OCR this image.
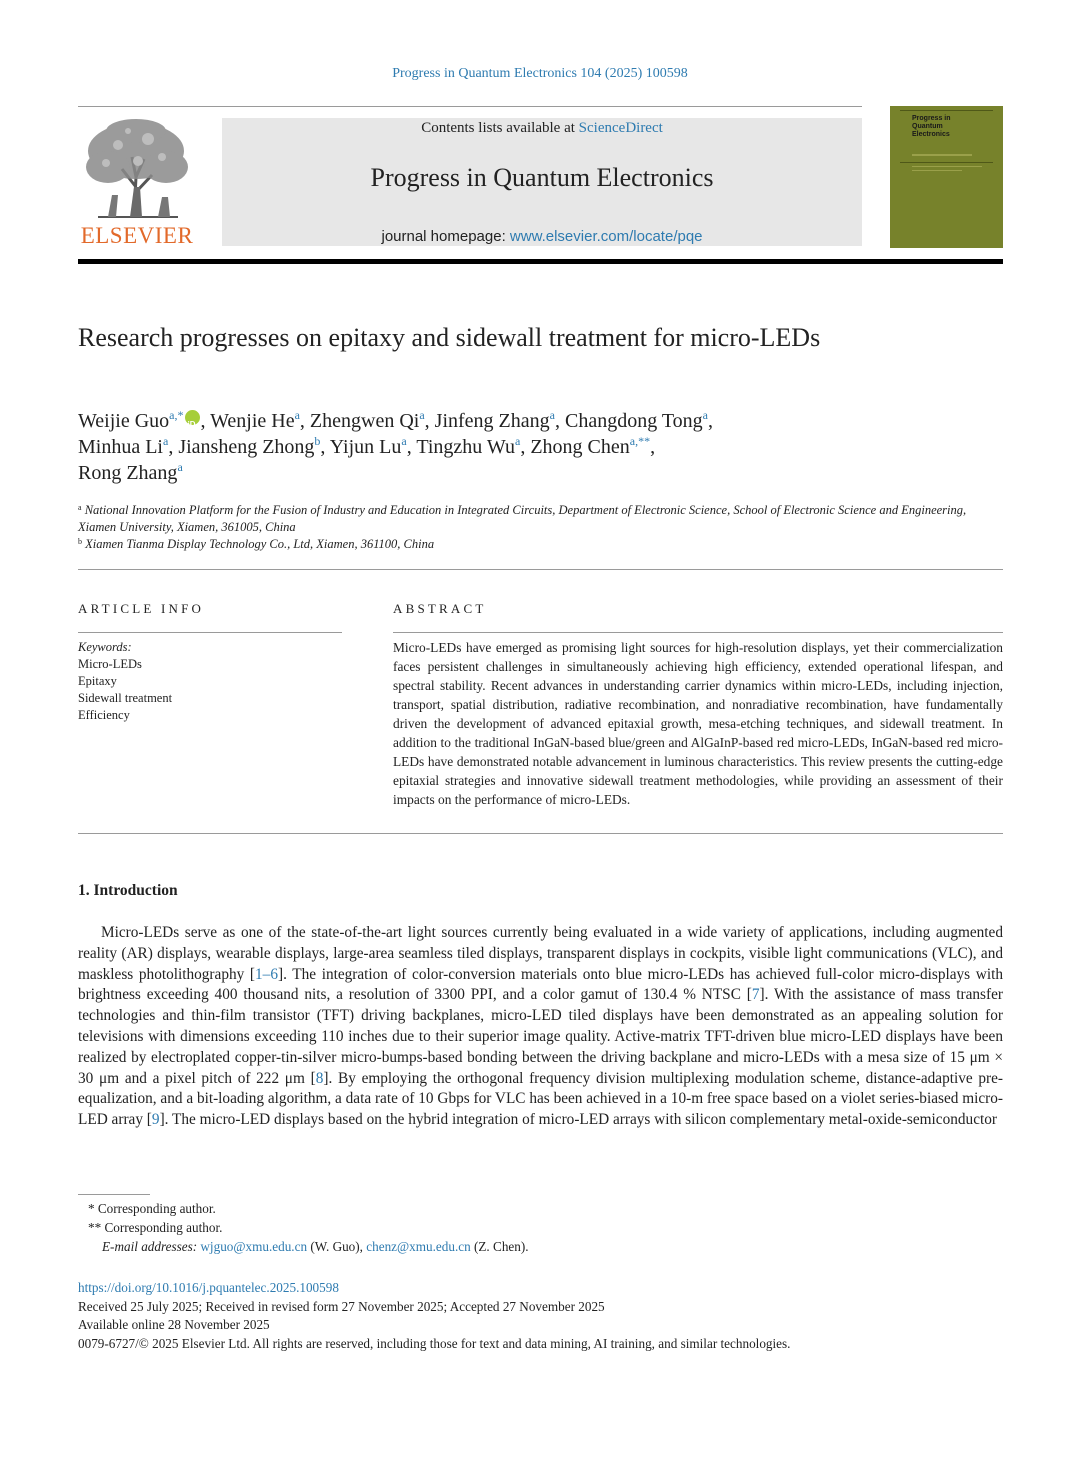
Progress in Quantum Electronics 104 (2025) 100598
ELSEVIER
Contents lists available at ScienceDirect
Progress in Quantum Electronics
journal homepage: www.elsevier.com/locate/pqe
Progress in
Quantum
Electronics
Research progresses on epitaxy and sidewall treatment for micro-LEDs
Weijie Guo$^{a,*}$iD , Wenjie He$^a$, Zhengwen Qi$^a$, Jinfeng Zhang$^a$, Changdong Tong$^a$,
Minhua Li$^a$, Jiansheng Zhong$^b$, Yijun Lu$^a$, Tingzhu Wu$^a$, Zhong Chen$^{a,**}$,
Rong Zhang$^a$
$^a$ National Innovation Platform for the Fusion of Industry and Education in Integrated Circuits, Department of Electronic Science, School of Electronic Science and Engineering, Xiamen University, Xiamen, 361005, China
$^b$ Xiamen Tianma Display Technology Co., Ltd, Xiamen, 361100, China
ARTICLE INFO
Keywords:
Micro-LEDs
Epitaxy
Sidewall treatment
Efficiency
ABSTRACT
Micro-LEDs have emerged as promising light sources for high-resolution displays, yet their commercialization faces persistent challenges in simultaneously achieving high efficiency, extended operational lifespan, and spectral stability. Recent advances in understanding carrier dynamics within micro-LEDs, including injection, transport, spatial distribution, radiative recombination, and nonradiative recombination, have fundamentally driven the development of advanced epitaxial growth, mesa-etching techniques, and sidewall treatment. In addition to the traditional InGaN-based blue/green and AlGaInP-based red micro-LEDs, InGaN-based red micro-LEDs have demonstrated notable advancement in luminous characteristics. This review presents the cutting-edge epitaxial strategies and innovative sidewall treatment methodologies, while providing an assessment of their impacts on the performance of micro-LEDs.
1. Introduction
Micro-LEDs serve as one of the state-of-the-art light sources currently being evaluated in a wide variety of applications, including augmented reality (AR) displays, wearable displays, large-area seamless tiled displays, transparent displays in cockpits, visible light communications (VLC), and maskless photolithography [1–6]. The integration of color-conversion materials onto blue micro-LEDs has achieved full-color micro-displays with brightness exceeding 400 thousand nits, a resolution of 3300 PPI, and a color gamut of 130.4 % NTSC [7]. With the assistance of mass transfer technologies and thin-film transistor (TFT) driving backplanes, micro-LED tiled displays have been demonstrated as an appealing solution for televisions with dimensions exceeding 110 inches due to their superior image quality. Active-matrix TFT-driven blue micro-LED displays have been realized by electroplated copper-tin-silver micro-bumps-based bonding between the driving backplane and micro-LEDs with a mesa size of 15 μm × 30 μm and a pixel pitch of 222 μm [8]. By employing the orthogonal frequency division multiplexing modulation scheme, distance-adaptive pre-equalization, and a bit-loading algorithm, a data rate of 10 Gbps for VLC has been achieved in a 10-m free space based on a violet series-biased micro-LED array [9]. The micro-LED displays based on the hybrid integration of micro-LED arrays with silicon complementary metal-oxide-semiconductor
* Corresponding author.
** Corresponding author.
E-mail addresses: wjguo@xmu.edu.cn (W. Guo), chenz@xmu.edu.cn (Z. Chen).
https://doi.org/10.1016/j.pquantelec.2025.100598
Received 25 July 2025; Received in revised form 27 November 2025; Accepted 27 November 2025
Available online 28 November 2025
0079-6727/© 2025 Elsevier Ltd. All rights are reserved, including those for text and data mining, AI training, and similar technologies.
